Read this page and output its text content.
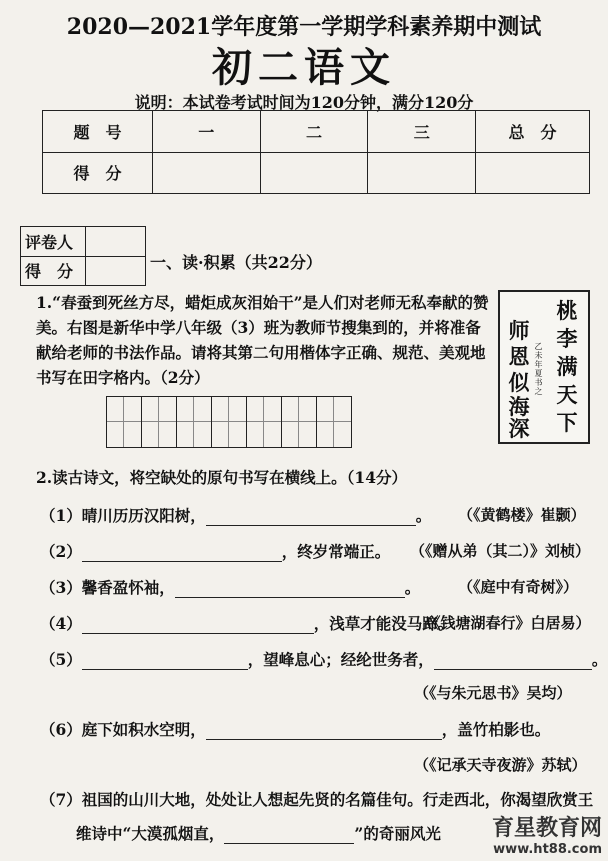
2020—2021学年度第一学期学科素养期中测试
初二语文
说明：本试卷考试时间为120分钟，满分120分
题　号	一	二	三	总　分
得　分				
评卷人	
得　分		一、读·积累（共22分）
1.“春蚕到死丝方尽，蜡炬成灰泪始干”是人们对老师无私奉献的赞美。右图是新华中学八年级（3）班为教师节搜集到的，并将准备献给老师的书法作品。请将其第二句用楷体字正确、规范、美观地书写在田字格内。（2分）
桃
李
满
天
下
师
恩
似
海
深
乙未年夏书之
2.读古诗文，将空缺处的原句书写在横线上。（14分）
（1）晴川历历汉阳树，	。 （《黄鹤楼》崔颢）
（2）	，终岁常端正。 （《赠从弟（其二）》刘桢）
（3）馨香盈怀袖，	。	（《庭中有奇树》）
（4）	，浅草才能没马蹄。
（《钱塘湖春行》白居易）
（5）	，望峰息心；经纶世务者，	。
（《与朱元思书》吴均）
（6）庭下如积水空明，	，盖竹柏影也。
（《记承天寺夜游》苏轼）
（7）祖国的山川大地，处处让人想起先贤的名篇佳句。行走西北，你渴望欣赏王
维诗中“大漠孤烟直，	”的奇丽风光 育星教育网
www.ht88.com
